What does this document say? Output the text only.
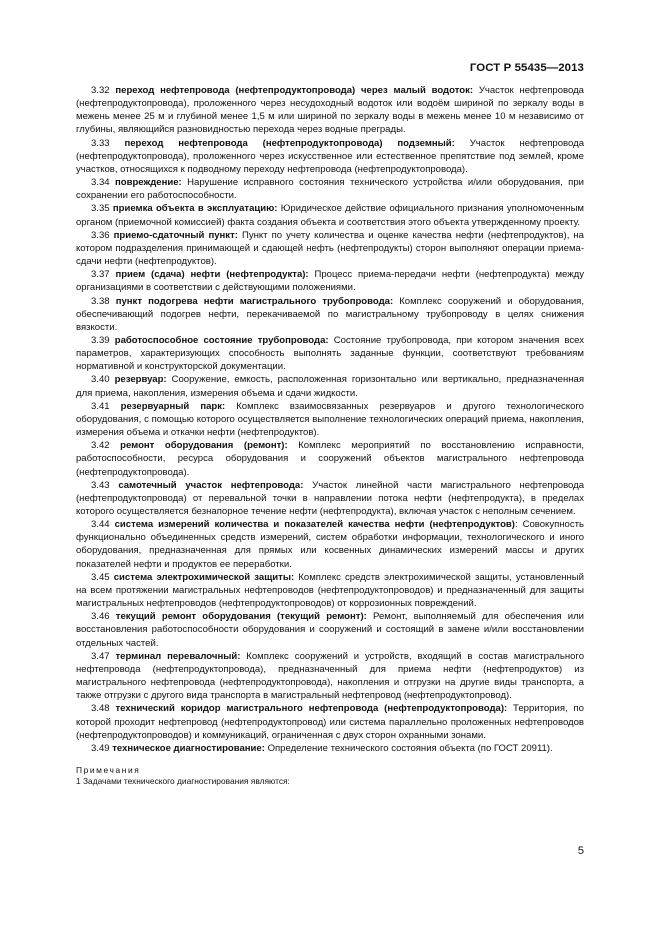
ГОСТ Р 55435—2013

3.32 переход нефтепровода (нефтепродуктопровода) через малый водоток: Участок нефтепровода (нефтепродуктопровода), проложенного через несудоходный водоток или водоём шириной по зеркалу воды в межень менее 25 м и глубиной менее 1,5 м или шириной по зеркалу воды в межень менее 10 м независимо от глубины, являющийся разновидностью перехода через водные преграды.

3.33 переход нефтепровода (нефтепродуктопровода) подземный: Участок нефтепровода (нефтепродуктопровода), проложенного через искусственное или естественное препятствие под землей, кроме участков, относящихся к подводному переходу нефтепровода (нефтепродуктопровода).

3.34 повреждение: Нарушение исправного состояния технического устройства и/или оборудования, при сохранении его работоспособности.

3.35 приемка объекта в эксплуатацию: Юридическое действие официального признания уполномоченным органом (приемочной комиссией) факта создания объекта и соответствия этого объекта утвержденному проекту.

3.36 приемо-сдаточный пункт: Пункт по учету количества и оценке качества нефти (нефтепродуктов), на котором подразделения принимающей и сдающей нефть (нефтепродукты) сторон выполняют операции приема-сдачи нефти (нефтепродуктов).

3.37 прием (сдача) нефти (нефтепродукта): Процесс приема-передачи нефти (нефтепродукта) между организациями в соответствии с действующими положениями.

3.38 пункт подогрева нефти магистрального трубопровода: Комплекс сооружений и оборудования, обеспечивающий подогрев нефти, перекачиваемой по магистральному трубопроводу в целях снижения вязкости.

3.39 работоспособное состояние трубопровода: Состояние трубопровода, при котором значения всех параметров, характеризующих способность выполнять заданные функции, соответствуют требованиям нормативной и конструкторской документации.

3.40 резервуар: Сооружение, емкость, расположенная горизонтально или вертикально, предназначенная для приема, накопления, измерения объема и сдачи жидкости.

3.41 резервуарный парк: Комплекс взаимосвязанных резервуаров и другого технологического оборудования, с помощью которого осуществляется выполнение технологических операций приема, накопления, измерения объема и откачки нефти (нефтепродуктов).

3.42 ремонт оборудования (ремонт): Комплекс мероприятий по восстановлению исправности, работоспособности, ресурса оборудования и сооружений объектов магистрального нефтепровода (нефтепродуктопровода).

3.43 самотечный участок нефтепровода: Участок линейной части магистрального нефтепровода (нефтепродуктопровода) от перевальной точки в направлении потока нефти (нефтепродукта), в пределах которого осуществляется безнапорное течение нефти (нефтепродукта), включая участок с неполным сечением.

3.44 система измерений количества и показателей качества нефти (нефтепродуктов): Совокупность функционально объединенных средств измерений, систем обработки информации, технологического и иного оборудования, предназначенная для прямых или косвенных динамических измерений массы и других показателей нефти и продуктов ее переработки.

3.45 система электрохимической защиты: Комплекс средств электрохимической защиты, установленный на всем протяжении магистральных нефтепроводов (нефтепродуктопроводов) и предназначенный для защиты магистральных нефтепроводов (нефтепродуктопроводов) от коррозионных повреждений.

3.46 текущий ремонт оборудования (текущий ремонт): Ремонт, выполняемый для обеспечения или восстановления работоспособности оборудования и сооружений и состоящий в замене и/или восстановлении отдельных частей.

3.47 терминал перевалочный: Комплекс сооружений и устройств, входящий в состав магистрального нефтепровода (нефтепродуктопровода), предназначенный для приема нефти (нефтепродуктов) из магистрального нефтепровода (нефтепродуктопровода), накопления и отгрузки на другие виды транспорта, а также отгрузки с другого вида транспорта в магистральный нефтепровод (нефтепродуктопровод).

3.48 технический коридор магистрального нефтепровода (нефтепродуктопровода): Территория, по которой проходит нефтепровод (нефтепродуктопровод) или система параллельно проложенных нефтепроводов (нефтепродуктопроводов) и коммуникаций, ограниченная с двух сторон охранными зонами.

3.49 техническое диагностирование: Определение технического состояния объекта (по ГОСТ 20911).

Примечания
1 Задачами технического диагностирования являются:
5
